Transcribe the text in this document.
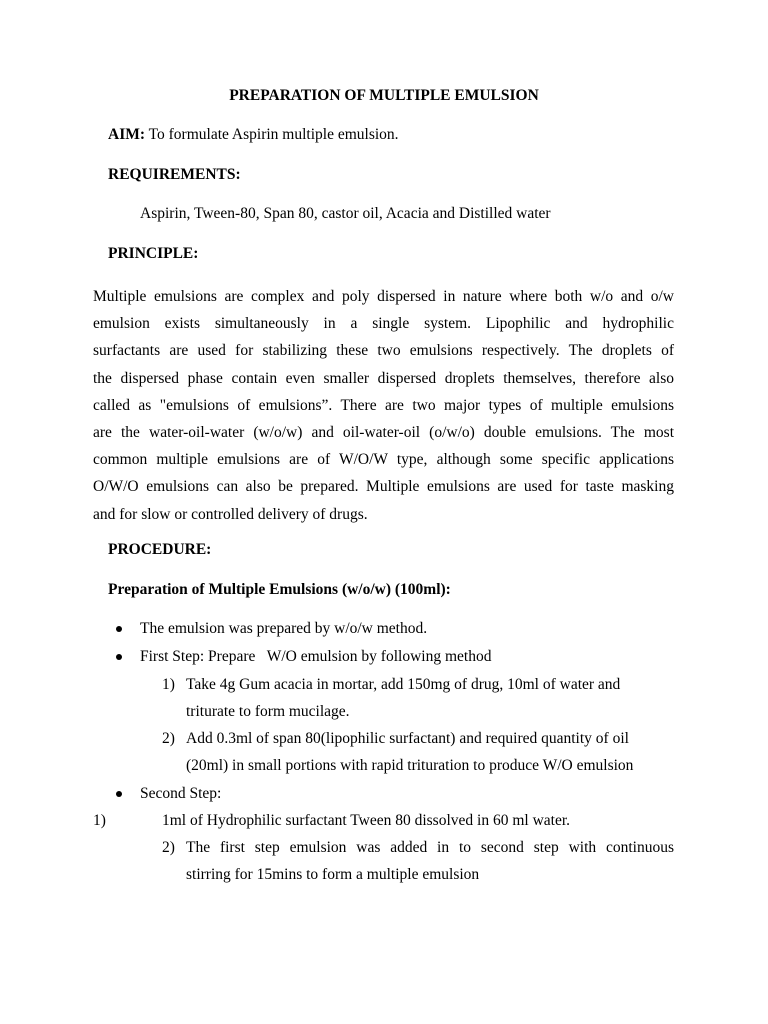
PREPARATION OF MULTIPLE EMULSION
AIM: To formulate Aspirin multiple emulsion.
REQUIREMENTS:
Aspirin, Tween-80, Span 80, castor oil, Acacia and Distilled water
PRINCIPLE:

Multiple emulsions are complex and poly dispersed in nature where both w/o and o/w
emulsion exists simultaneously in a single system. Lipophilic and hydrophilic
surfactants are used for stabilizing these two emulsions respectively. The droplets of
the dispersed phase contain even smaller dispersed droplets themselves, therefore also
called as "emulsions of emulsions”. There are two major types of multiple emulsions
are the water-oil-water (w/o/w) and oil-water-oil (o/w/o) double emulsions. The most
common multiple emulsions are of W/O/W type, although some specific applications
O/W/O emulsions can also be prepared. Multiple emulsions are used for taste masking
and for slow or controlled delivery of drugs.

PROCEDURE:
Preparation of Multiple Emulsions (w/o/w) (100ml):
The emulsion was prepared by w/o/w method.
First Step: Prepare   W/O emulsion by following method
1) Take 4g Gum acacia in mortar, add 150mg of drug, 10ml of water and
triturate to form mucilage.
2) Add 0.3ml of span 80(lipophilic surfactant) and required quantity of oil
(20ml) in small portions with rapid trituration to produce W/O emulsion
Second Step:
1)	1ml of Hydrophilic surfactant Tween 80 dissolved in 60 ml water.
2) The first step emulsion was added in to second step with continuous
stirring for 15mins to form a multiple emulsion
